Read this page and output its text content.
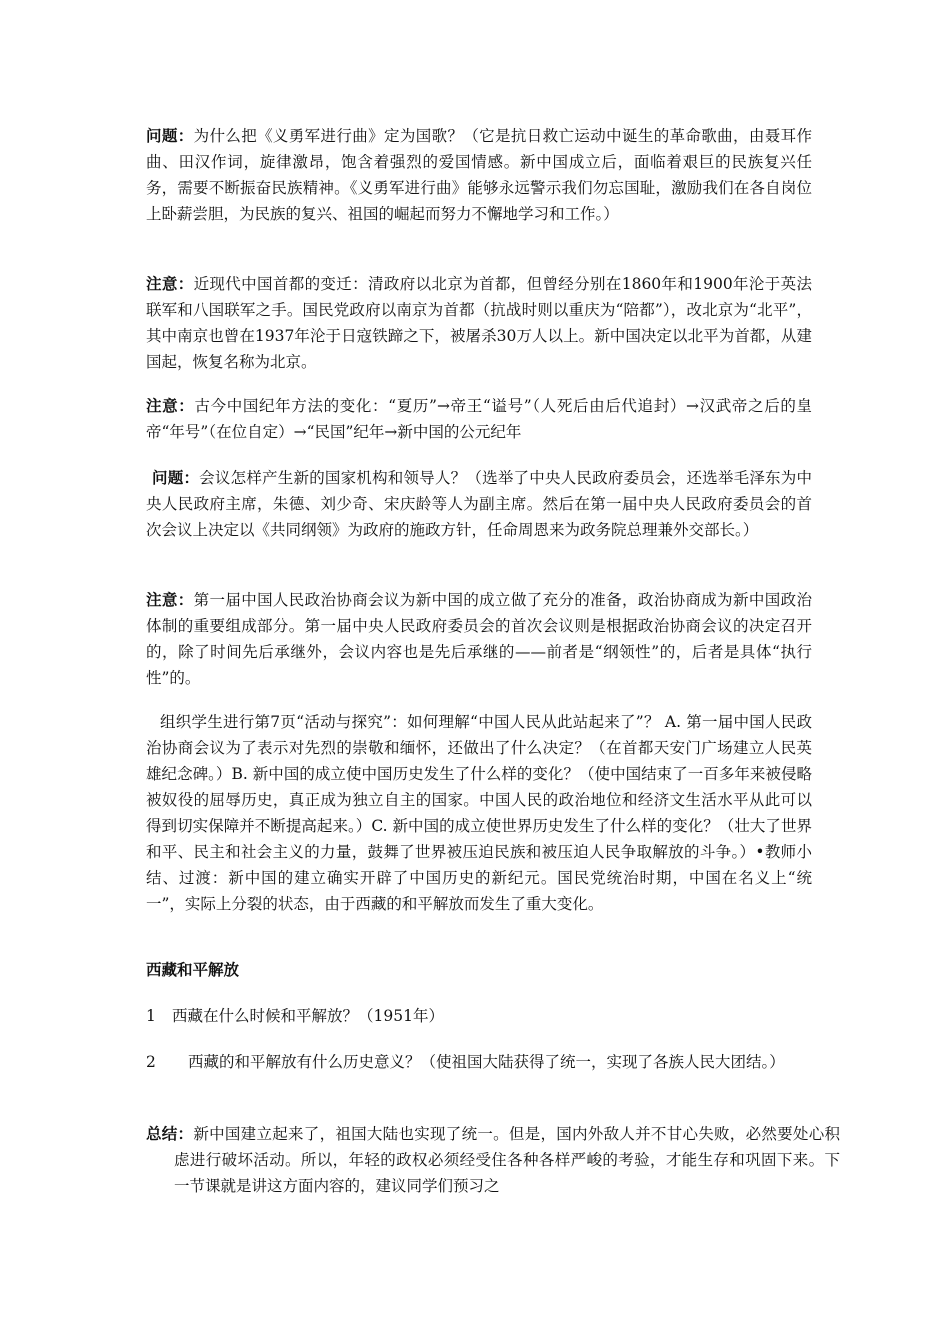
问题：为什么把《义勇军进行曲》定为国歌？（它是抗日救亡运动中诞生的革命歌曲，由聂耳作曲、田汉作词，旋律激昂，饱含着强烈的爱国情感。新中国成立后，面临着艰巨的民族复兴任务，需要不断振奋民族精神。《义勇军进行曲》能够永远警示我们勿忘国耻，激励我们在各自岗位上卧薪尝胆，为民族的复兴、祖国的崛起而努力不懈地学习和工作。）

注意：近现代中国首都的变迁：清政府以北京为首都，但曾经分别在1860年和1900年沦于英法联军和八国联军之手。国民党政府以南京为首都（抗战时则以重庆为“陪都”），改北京为“北平”，其中南京也曾在1937年沦于日寇铁蹄之下，被屠杀30万人以上。新中国决定以北平为首都，从建国起，恢复名称为北京。

注意：古今中国纪年方法的变化：“夏历”→帝王“谥号”（人死后由后代追封）→汉武帝之后的皇帝“年号”（在位自定）→“民国”纪年→新中国的公元纪年

问题：会议怎样产生新的国家机构和领导人？（选举了中央人民政府委员会，还选举毛泽东为中央人民政府主席，朱德、刘少奇、宋庆龄等人为副主席。然后在第一届中央人民政府委员会的首次会议上决定以《共同纲领》为政府的施政方针，任命周恩来为政务院总理兼外交部长。）

注意：第一届中国人民政治协商会议为新中国的成立做了充分的准备，政治协商成为新中国政治体制的重要组成部分。第一届中央人民政府委员会的首次会议则是根据政治协商会议的决定召开的，除了时间先后承继外，会议内容也是先后承继的——前者是“纲领性”的，后者是具体“执行性”的。

组织学生进行第7页“活动与探究”：如何理解“中国人民从此站起来了”？ A. 第一届中国人民政治协商会议为了表示对先烈的崇敬和缅怀，还做出了什么决定？（在首都天安门广场建立人民英雄纪念碑。）B. 新中国的成立使中国历史发生了什么样的变化？（使中国结束了一百多年来被侵略被奴役的屈辱历史，真正成为独立自主的国家。中国人民的政治地位和经济文生活水平从此可以得到切实保障并不断提高起来。）C. 新中国的成立使世界历史发生了什么样的变化？（壮大了世界和平、民主和社会主义的力量，鼓舞了世界被压迫民族和被压迫人民争取解放的斗争。）•教师小结、过渡：新中国的建立确实开辟了中国历史的新纪元。国民党统治时期，中国在名义上“统一”，实际上分裂的状态，由于西藏的和平解放而发生了重大变化。

西藏和平解放

1 西藏在什么时候和平解放？（1951年）

2 西藏的和平解放有什么历史意义？（使祖国大陆获得了统一，实现了各族人民大团结。）

总结：新中国建立起来了，祖国大陆也实现了统一。但是，国内外敌人并不甘心失败，必然要处心积虑进行破坏活动。所以，年轻的政权必须经受住各种各样严峻的考验，才能生存和巩固下来。下一节课就是讲这方面内容的，建议同学们预习之
